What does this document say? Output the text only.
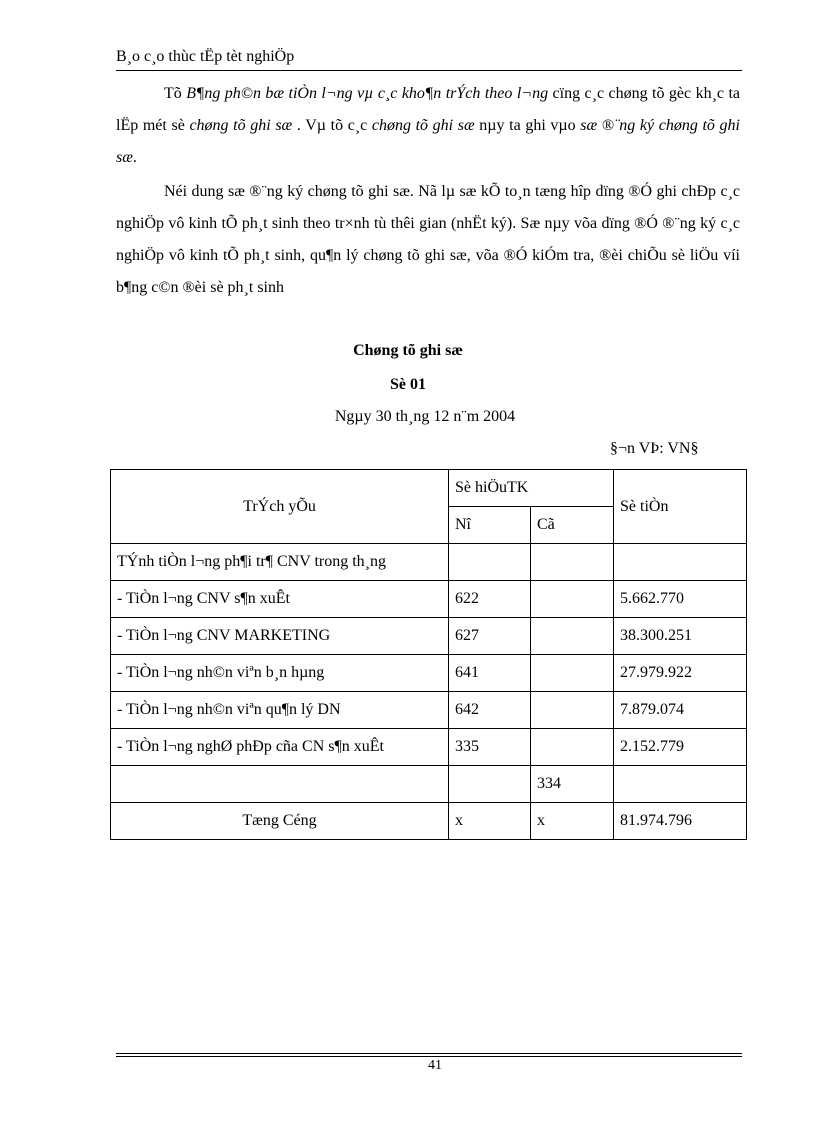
B¸o c¸o thùc tËp tèt nghiÖp

Tõ B¶ng ph©n bæ tiÒn l¬ng vµ c¸c kho¶n trÝch theo l¬ng cïng c¸c chøng tõ gèc kh¸c ta lËp mét sè chøng tõ ghi sæ . Vµ tõ c¸c chøng tõ ghi sæ nµy ta ghi vµo sæ ®¨ng ký chøng tõ ghi sæ.

Néi dung sæ ®¨ng ký chøng tõ ghi sæ. Nã lµ sæ kÕ to¸n tæng hîp dïng ®Ó ghi chÐp c¸c nghiÖp vô kinh tÕ ph¸t sinh theo tr×nh tù thêi gian (nhËt ký). Sæ nµy võa dïng ®Ó ®¨ng ký c¸c nghiÖp vô kinh tÕ ph¸t sinh, qu¶n lý chøng tõ ghi sæ, võa ®Ó kiÓm tra, ®èi chiÕu sè liÖu víi b¶ng c©n ®èi sè ph¸t sinh

Chøng tõ ghi sæ
Sè 01
Ngµy 30 th¸ng 12 n¨m 2004
§¬n VÞ: VN§
TrÝch yÕu	Sè hiÖuTK		Sè tiÒn
	Nî	Cã	
TÝnh tiÒn l¬ng ph¶i tr¶ CNV trong th¸ng			
- TiÒn l¬ng CNV s¶n xuÊt	622		5.662.770
- TiÒn l¬ng CNV MARKETING	627		38.300.251
- TiÒn l¬ng nh©n viªn b¸n hµng	641		27.979.922
- TiÒn l¬ng nh©n viªn qu¶n lý DN	642		7.879.074
- TiÒn l¬ng nghØ phÐp cña CN s¶n xuÊt	335		2.152.779
		334	
Tæng Céng	x	x	81.974.796
41
